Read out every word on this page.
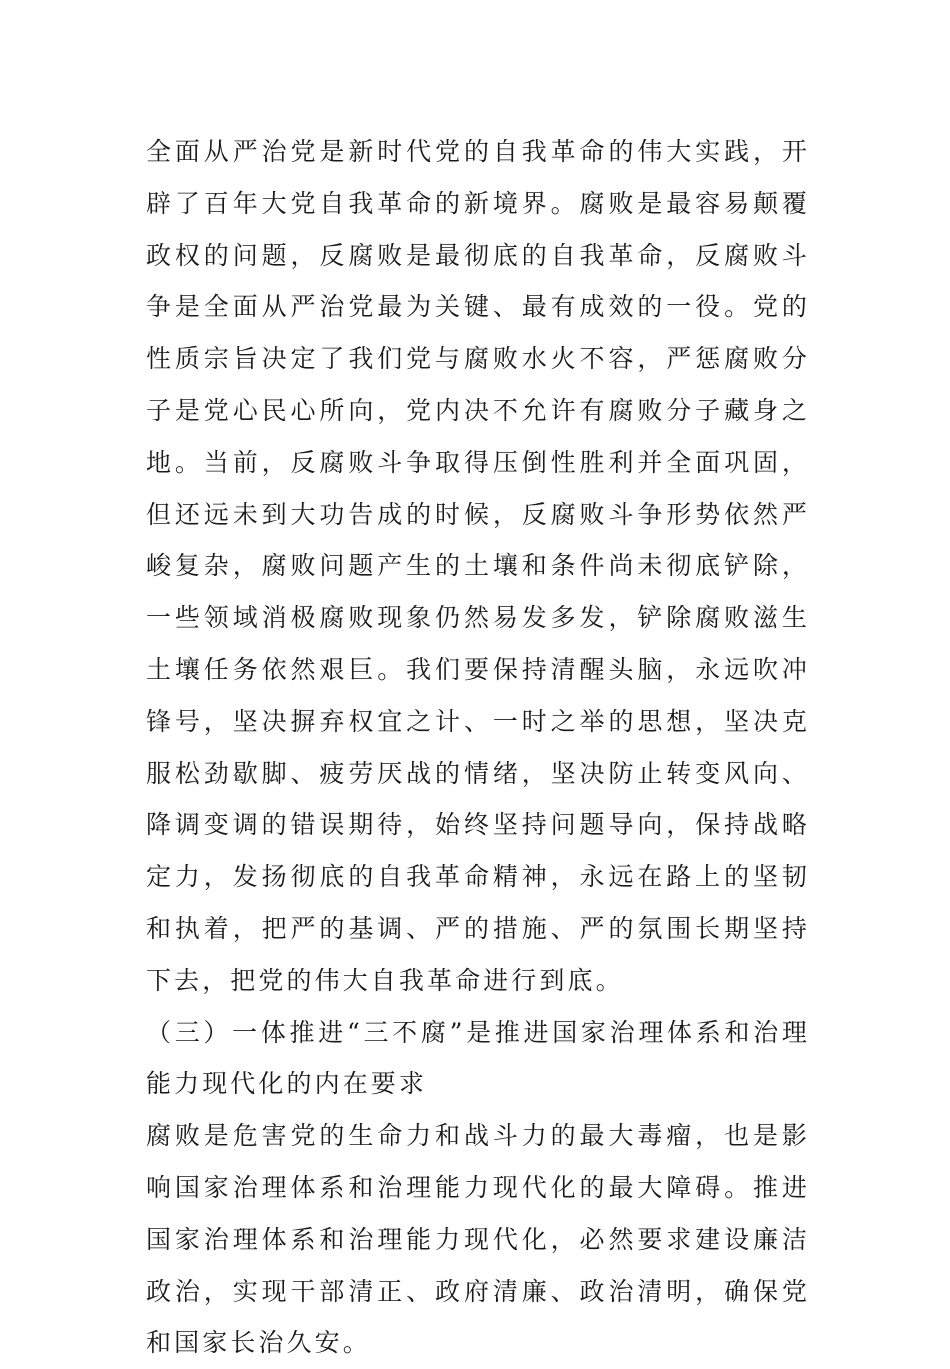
全面从严治党是新时代党的自我革命的伟大实践，开辟了百年大党自我革命的新境界。腐败是最容易颠覆政权的问题，反腐败是最彻底的自我革命，反腐败斗争是全面从严治党最为关键、最有成效的一役。党的性质宗旨决定了我们党与腐败水火不容，严惩腐败分子是党心民心所向，党内决不允许有腐败分子藏身之地。当前，反腐败斗争取得压倒性胜利并全面巩固，但还远未到大功告成的时候，反腐败斗争形势依然严峻复杂，腐败问题产生的土壤和条件尚未彻底铲除，一些领域消极腐败现象仍然易发多发，铲除腐败滋生土壤任务依然艰巨。我们要保持清醒头脑，永远吹冲锋号，坚决摒弃权宜之计、一时之举的思想，坚决克服松劲歇脚、疲劳厌战的情绪，坚决防止转变风向、降调变调的错误期待，始终坚持问题导向，保持战略定力，发扬彻底的自我革命精神，永远在路上的坚韧和执着，把严的基调、严的措施、严的氛围长期坚持下去，把党的伟大自我革命进行到底。

（三）一体推进“三不腐”是推进国家治理体系和治理能力现代化的内在要求

腐败是危害党的生命力和战斗力的最大毒瘤，也是影响国家治理体系和治理能力现代化的最大障碍。推进国家治理体系和治理能力现代化，必然要求建设廉洁政治，实现干部清正、政府清廉、政治清明，确保党和国家长治久安。
